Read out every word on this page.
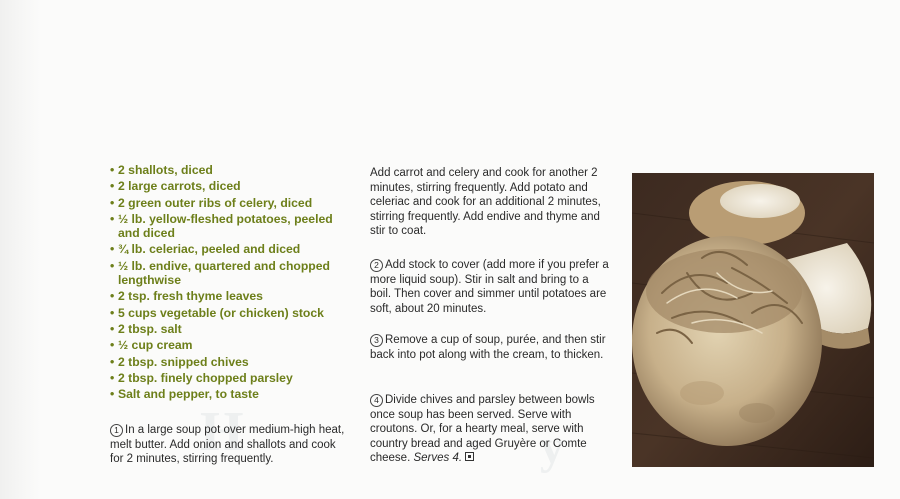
H	y
• 2 shallots, diced
• 2 large carrots, diced
• 2 green outer ribs of celery, diced
• ½ lb. yellow-fleshed potatoes, peeled and diced
• ¾ lb. celeriac, peeled and diced
• ½ lb. endive, quartered and chopped lengthwise
• 2 tsp. fresh thyme leaves
• 5 cups vegetable (or chicken) stock
• 2 tbsp. salt
• ½ cup cream
• 2 tbsp. snipped chives
• 2 tbsp. finely chopped parsley
• Salt and pepper, to taste

1 In a large soup pot over medium-high heat, melt butter. Add onion and shallots and cook for 2 minutes, stirring frequently.

Add carrot and celery and cook for another 2 minutes, stirring frequently. Add potato and celeriac and cook for an additional 2 minutes, stirring frequently. Add endive and thyme and stir to coat.

2 Add stock to cover (add more if you prefer a more liquid soup). Stir in salt and bring to a boil. Then cover and simmer until potatoes are soft, about 20 minutes.

3 Remove a cup of soup, purée, and then stir back into pot along with the cream, to thicken.

4 Divide chives and parsley between bowls once soup has been served. Serve with croutons. Or, for a hearty meal, serve with country bread and aged Gruyère or Comte cheese. Serves 4.
